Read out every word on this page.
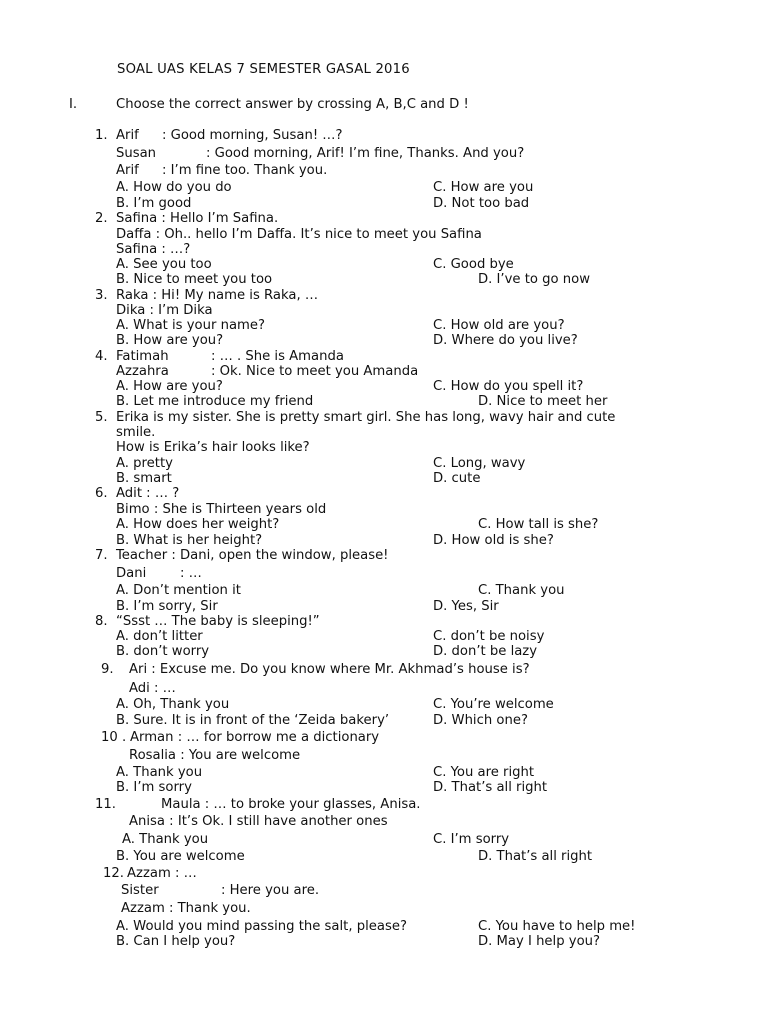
SOAL UAS KELAS 7 SEMESTER GASAL 2016
I.	Choose the correct answer by crossing A, B,C and D !
1. Arif : Good morning, Susan! …?
Susan	: Good morning, Arif! I’m fine, Thanks. And you?
Arif : I’m fine too. Thank you.
A. How do you do	C. How are you
B. I’m good	D. Not too bad
2. Safina : Hello I’m Safina.
Daffa : Oh.. hello I’m Daffa. It’s nice to meet you Safina
Safina : …?
A. See you too	C. Good bye
B. Nice to meet you too	D. I’ve to go now
3. Raka : Hi! My name is Raka, …
Dika : I’m Dika
A. What is your name?	C. How old are you?
B. How are you?	D. Where do you live?
4. Fatimah	: … . She is Amanda
Azzahra	: Ok. Nice to meet you Amanda
A. How are you?	C. How do you spell it?
B. Let me introduce my friend	D. Nice to meet her
5. Erika is my sister. She is pretty smart girl. She has long, wavy hair and cute
smile.
How is Erika’s hair looks like?
A. pretty	C. Long, wavy
B. smart	D. cute
6. Adit : … ?
Bimo : She is Thirteen years old
A. How does her weight?	C. How tall is she?
B. What is her height?	D. How old is she?
7. Teacher : Dani, open the window, please!
Dani	: …
A. Don’t mention it	C. Thank you
B. I’m sorry, Sir	D. Yes, Sir
8. “Ssst … The baby is sleeping!”
A. don’t litter	C. don’t be noisy
B. don’t worry	D. don’t be lazy
9. Ari : Excuse me. Do you know where Mr. Akhmad’s house is?
Adi : …
A. Oh, Thank you	C. You’re welcome
B. Sure. It is in front of the ‘Zeida bakery’	D. Which one?
10 . Arman : … for borrow me a dictionary
Rosalia : You are welcome
A. Thank you	C. You are right
B. I’m sorry	D. That’s all right
11.	Maula : … to broke your glasses, Anisa.
Anisa : It’s Ok. I still have another ones
A. Thank you	C. I’m sorry
B. You are welcome	D. That’s all right
12. Azzam : …
Sister	: Here you are.
Azzam : Thank you.
A. Would you mind passing the salt, please?	C. You have to help me!
B. Can I help you?	D. May I help you?
